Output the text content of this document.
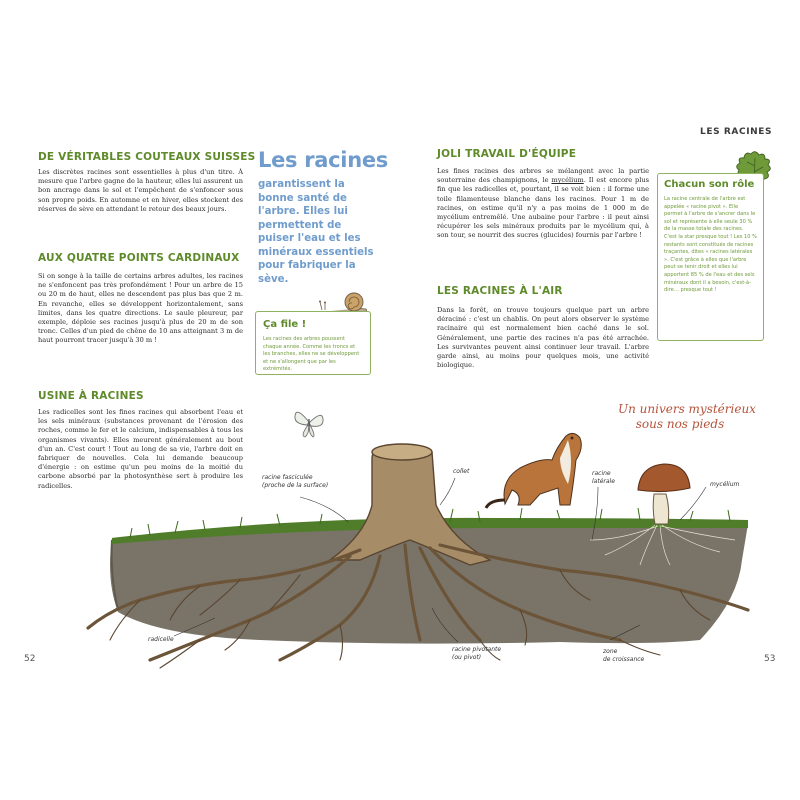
LES RACINES
DE VÉRITABLES COUTEAUX SUISSES

Les discrètes racines sont essentielles à plus d'un titre. À mesure que l'arbre gagne de la hauteur, elles lui assurent un bon ancrage dans le sol et l'empêchent de s'enfoncer sous son propre poids. En automne et en hiver, elles stockent des réserves de sève en attendant le retour des beaux jours.

AUX QUATRE POINTS CARDINAUX

Si on songe à la taille de certains arbres adultes, les racines ne s'enfoncent pas très profondément ! Pour un arbre de 15 ou 20 m de haut, elles ne descendent pas plus bas que 2 m. En revanche, elles se développent horizontalement, sans limites, dans les quatre directions. Le saule pleureur, par exemple, déploie ses racines jusqu'à plus de 20 m de son tronc. Celles d'un pied de chêne de 10 ans atteignant 3 m de haut pourront tracer jusqu'à 30 m !

USINE À RACINES

Les radicelles sont les fines racines qui absorbent l'eau et les sels minéraux (substances provenant de l'érosion des roches, comme le fer et le calcium, indispensables à tous les organismes vivants). Elles meurent généralement au bout d'un an. C'est court ! Tout au long de sa vie, l'arbre doit en fabriquer de nouvelles. Cela lui demande beaucoup d'énergie : on estime qu'un peu moins de la moitié du carbone absorbé par la photosynthèse sert à produire les radicelles.

Les racines

garantissent la bonne santé de l'arbre. Elles lui permettent de puiser l'eau et les minéraux essentiels pour fabriquer la sève.

Ça file !
Les racines des arbres poussent chaque année. Comme les troncs et les branches, elles ne se développent et ne s'allongent que par les extrémités.
JOLI TRAVAIL D'ÉQUIPE

Les fines racines des arbres se mélangent avec la partie souterraine des champignons, le mycélium. Il est encore plus fin que les radicelles et, pourtant, il se voit bien : il forme une toile filamenteuse blanche dans les racines. Pour 1 m de racines, on estime qu'il n'y a pas moins de 1 000 m de mycélium entremêlé. Une aubaine pour l'arbre : il peut ainsi récupérer les sels minéraux produits par le mycélium qui, à son tour, se nourrit des sucres (glucides) fournis par l'arbre !

LES RACINES À L'AIR

Dans la forêt, on trouve toujours quelque part un arbre déraciné : c'est un chablis. On peut alors observer le système racinaire qui est normalement bien caché dans le sol. Généralement, une partie des racines n'a pas été arrachée. Les survivantes peuvent ainsi continuer leur travail. L'arbre garde ainsi, au moins pour quelques mois, une activité biologique.

Chacun son rôle
La racine centrale de l'arbre est appelée « racine pivot ». Elle permet à l'arbre de s'ancrer dans le sol et représente à elle seule 30 % de la masse totale des racines. C'est la star presque tout ! Les 10 % restants sont constitués de racines traçantes, dites « racines latérales ». C'est grâce à elles que l'arbre peut se tenir droit et elles lui apportent 85 % de l'eau et des sels minéraux dont il a besoin, c'est-à-dire… presque tout !
Un univers mystérieux
sous nos pieds
racine fasciculée
(proche de la surface)
collet	racine
latérale	mycélium
radicelle
racine pivotante
(ou pivot)
zone
de croissance
52	53
